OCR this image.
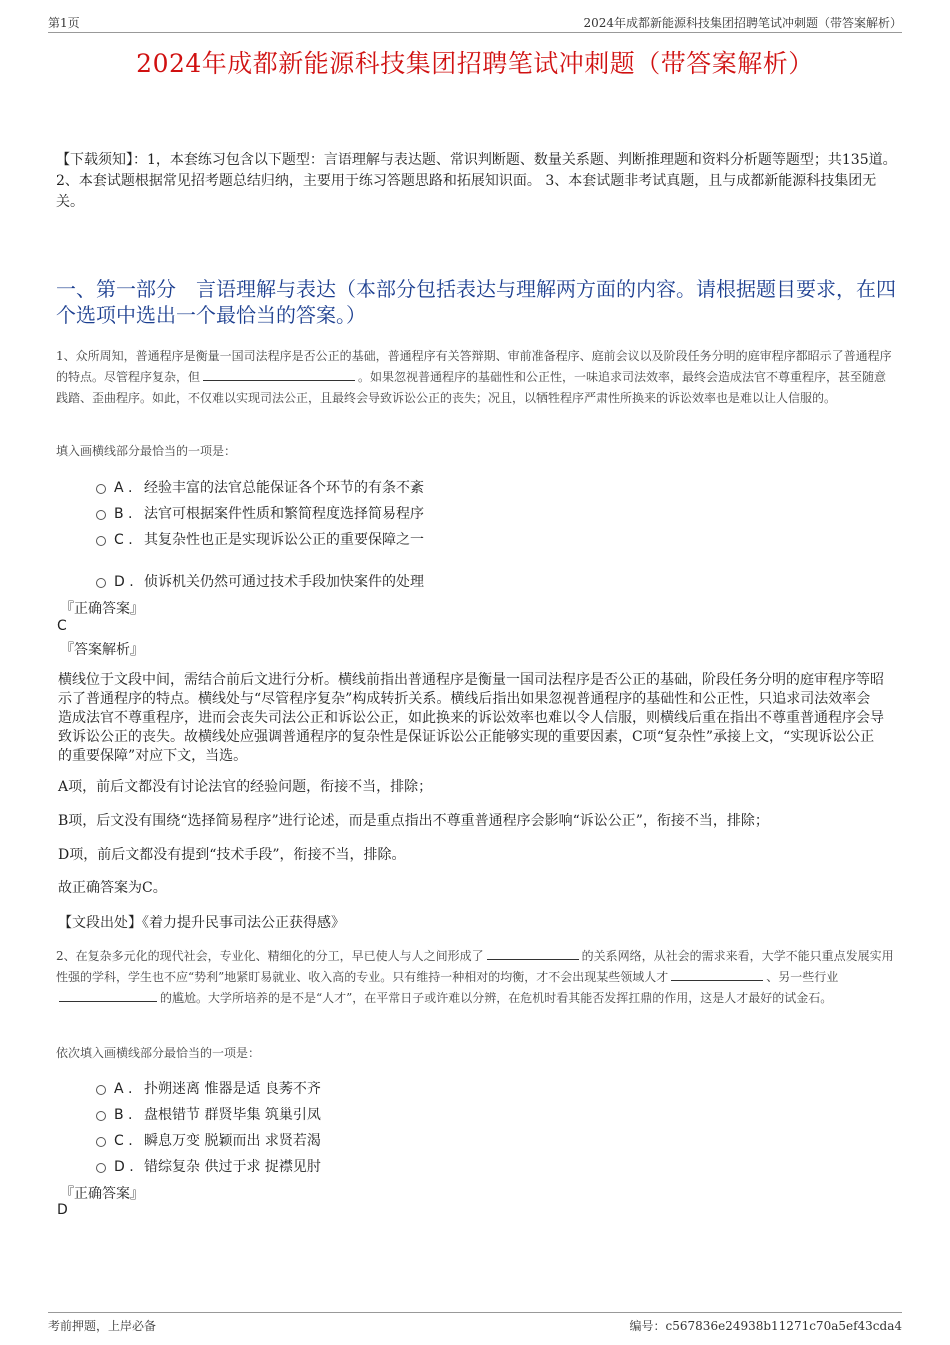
第1页	2024年成都新能源科技集团招聘笔试冲刺题（带答案解析）
2024年成都新能源科技集团招聘笔试冲刺题（带答案解析）
【下载须知】：1，本套练习包含以下题型：言语理解与表达题、常识判断题、数量关系题、判断推理题和资料分析题等题型；共135道。 2、本套试题根据常见招考题总结归纳，主要用于练习答题思路和拓展知识面。 3、本套试题非考试真题，且与成都新能源科技集团无关。
一、第一部分　言语理解与表达（本部分包括表达与理解两方面的内容。请根据题目要求，在四个选项中选出一个最恰当的答案。）
1、众所周知，普通程序是衡量一国司法程序是否公正的基础，普通程序有关答辩期、审前准备程序、庭前会议以及阶段任务分明的庭审程序都昭示了普通程序的特点。尽管程序复杂，但	。如果忽视普通程序的基础性和公正性，一味追求司法效率，最终会造成法官不尊重程序，甚至随意践踏、歪曲程序。如此，不仅难以实现司法公正，且最终会导致诉讼公正的丧失；况且，以牺牲程序严肃性所换来的诉讼效率也是难以让人信服的。
填入画横线部分最恰当的一项是：
A . 经验丰富的法官总能保证各个环节的有条不紊
B . 法官可根据案件性质和繁简程度选择简易程序
C . 其复杂性也正是实现诉讼公正的重要保障之一
D . 侦诉机关仍然可通过技术手段加快案件的处理
『正确答案』
C
『答案解析』
横线位于文段中间，需结合前后文进行分析。横线前指出普通程序是衡量一国司法程序是否公正的基础，阶段任务分明的庭审程序等昭示了普通程序的特点。横线处与“尽管程序复杂”构成转折关系。横线后指出如果忽视普通程序的基础性和公正性，只追求司法效率会造成法官不尊重程序，进而会丧失司法公正和诉讼公正，如此换来的诉讼效率也难以令人信服，则横线后重在指出不尊重普通程序会导致诉讼公正的丧失。故横线处应强调普通程序的复杂性是保证诉讼公正能够实现的重要因素，C项“复杂性”承接上文，“实现诉讼公正的重要保障”对应下文，当选。
A项，前后文都没有讨论法官的经验问题，衔接不当，排除；
B项，后文没有围绕“选择简易程序”进行论述，而是重点指出不尊重普通程序会影响“诉讼公正”，衔接不当，排除；
D项，前后文都没有提到“技术手段”，衔接不当，排除。
故正确答案为C。
【文段出处】《着力提升民事司法公正获得感》
2、在复杂多元化的现代社会，专业化、精细化的分工，早已使人与人之间形成了	的关系网络，从社会的需求来看，大学不能只重点发展实用性强的学科，学生也不应“势利”地紧盯易就业、收入高的专业。只有维持一种相对的均衡，才不会出现某些领域人才	、另一些行业的尴尬。大学所培养的是不是“人才”，在平常日子或许难以分辨，在危机时看其能否发挥扛鼎的作用，这是人才最好的试金石。
依次填入画横线部分最恰当的一项是：
A . 扑朔迷离 惟器是适 良莠不齐
B . 盘根错节 群贤毕集 筑巢引凤
C . 瞬息万变 脱颖而出 求贤若渴
D . 错综复杂 供过于求 捉襟见肘
『正确答案』
D
考前押题，上岸必备	编号：c567836e24938b11271c70a5ef43cda4
